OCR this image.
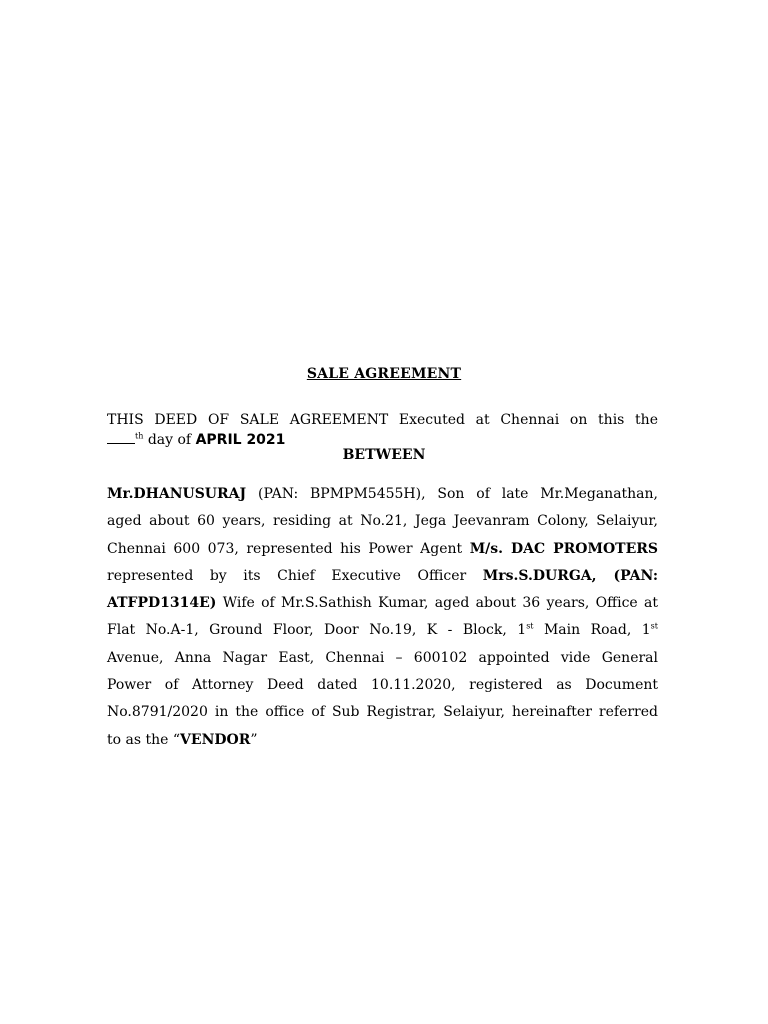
SALE AGREEMENT
THIS DEED OF SALE AGREEMENT Executed at Chennai on this the
$^{th}$ day of APRIL 2021
BETWEEN
Mr.DHANUSURAJ (PAN: BPMPM5455H), Son of late Mr.Meganathan,
aged about 60 years, residing at No.21, Jega Jeevanram Colony, Selaiyur,
Chennai 600 073, represented his Power Agent M/s. DAC PROMOTERS
represented by its Chief Executive Officer Mrs.S.DURGA, (PAN:
ATFPD1314E) Wife of Mr.S.Sathish Kumar, aged about 36 years, Office at
Flat No.A-1, Ground Floor, Door No.19, K - Block, 1st Main Road, 1st
Avenue, Anna Nagar East, Chennai – 600102 appointed vide General
Power of Attorney Deed dated 10.11.2020, registered as Document
No.8791/2020 in the office of Sub Registrar, Selaiyur, hereinafter referred
to as the “VENDOR”
